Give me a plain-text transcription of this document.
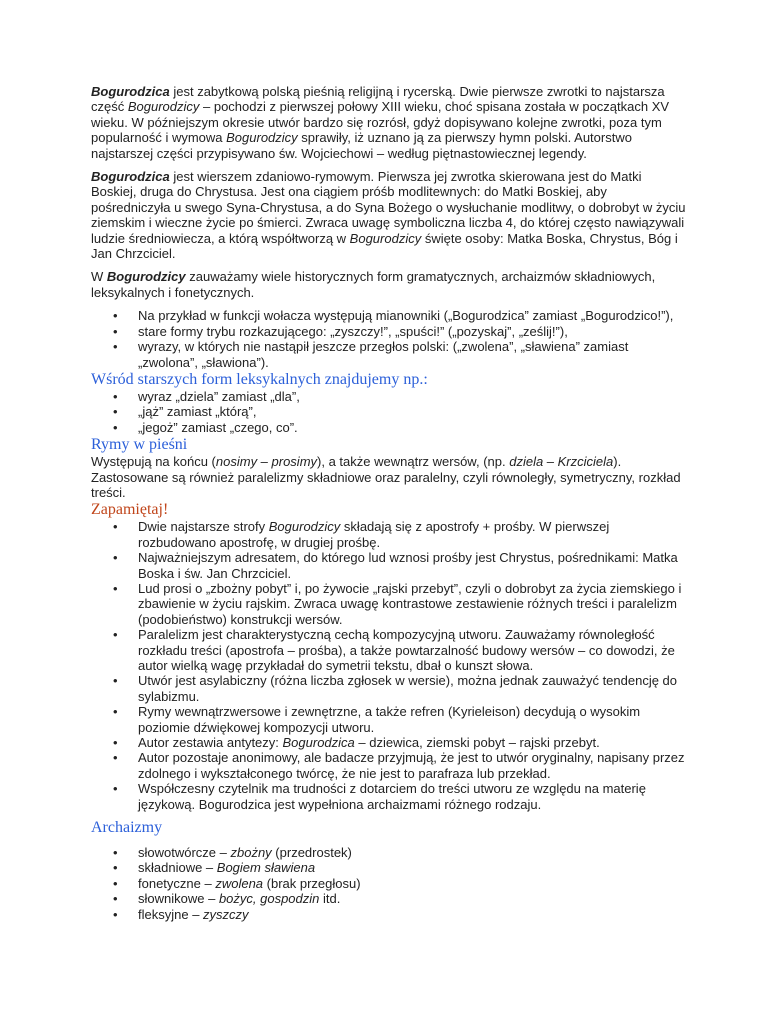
Bogurodzica jest zabytkową polską pieśnią religijną i rycerską. Dwie pierwsze zwrotki to najstarsza część Bogurodzicy – pochodzi z pierwszej połowy XIII wieku, choć spisana została w początkach XV wieku. W późniejszym okresie utwór bardzo się rozrósł, gdyż dopisywano kolejne zwrotki, poza tym popularność i wymowa Bogurodzicy sprawiły, iż uznano ją za pierwszy hymn polski. Autorstwo najstarszej części przypisywano św. Wojciechowi – według piętnastowiecznej legendy.

Bogurodzica jest wierszem zdaniowo-rymowym. Pierwsza jej zwrotka skierowana jest do Matki Boskiej, druga do Chrystusa. Jest ona ciągiem próśb modlitewnych: do Matki Boskiej, aby pośredniczyła u swego Syna-Chrystusa, a do Syna Bożego o wysłuchanie modlitwy, o dobrobyt w życiu ziemskim i wieczne życie po śmierci. Zwraca uwagę symboliczna liczba 4, do której często nawiązywali ludzie średniowiecza, a którą współtworzą w Bogurodzicy święte osoby: Matka Boska, Chrystus, Bóg i Jan Chrzciciel.

W Bogurodzicy zauważamy wiele historycznych form gramatycznych, archaizmów składniowych, leksykalnych i fonetycznych.

• Na przykład w funkcji wołacza występują mianowniki („Bogurodzica” zamiast „Bogurodzico!”),
• stare formy trybu rozkazującego: „zyszczy!”, „spuści!” („pozyskaj”, „ześlij!”),
• wyrazy, w których nie nastąpił jeszcze przegłos polski: („zwolena”, „sławiena” zamiast „zwolona”, „sławiona”).
Wśród starszych form leksykalnych znajdujemy np.:
• wyraz „dziela” zamiast „dla”,
• „jąż” zamiast „którą”,
• „jegoż” zamiast „czego, co”.
Rymy w pieśni

Występują na końcu (nosimy – prosimy), a także wewnątrz wersów, (np. dziela – Krzciciela). Zastosowane są również paralelizmy składniowe oraz paralelny, czyli równoległy, symetryczny, rozkład treści.

Zapamiętaj!
• Dwie najstarsze strofy Bogurodzicy składają się z apostrofy + prośby. W pierwszej rozbudowano apostrofę, w drugiej prośbę.
• Najważniejszym adresatem, do którego lud wznosi prośby jest Chrystus, pośrednikami: Matka Boska i św. Jan Chrzciciel.
• Lud prosi o „zbożny pobyt” i, po żywocie „rajski przebyt”, czyli o dobrobyt za życia ziemskiego i zbawienie w życiu rajskim. Zwraca uwagę kontrastowe zestawienie różnych treści i paralelizm (podobieństwo) konstrukcji wersów.
• Paralelizm jest charakterystyczną cechą kompozycyjną utworu. Zauważamy równoległość rozkładu treści (apostrofa – prośba), a także powtarzalność budowy wersów – co dowodzi, że autor wielką wagę przykładał do symetrii tekstu, dbał o kunszt słowa.
• Utwór jest asylabiczny (różna liczba zgłosek w wersie), można jednak zauważyć tendencję do sylabizmu.
• Rymy wewnątrzwersowe i zewnętrzne, a także refren (Kyrieleison) decydują o wysokim poziomie dźwiękowej kompozycji utworu.
• Autor zestawia antytezy: Bogurodzica – dziewica, ziemski pobyt – rajski przebyt.
• Autor pozostaje anonimowy, ale badacze przyjmują, że jest to utwór oryginalny, napisany przez zdolnego i wykształconego twórcę, że nie jest to parafraza lub przekład.
• Współczesny czytelnik ma trudności z dotarciem do treści utworu ze względu na materię językową. Bogurodzica jest wypełniona archaizmami różnego rodzaju.
Archaizmy
• słowotwórcze – zbożny (przedrostek)
• składniowe – Bogiem sławiena
• fonetyczne – zwolena (brak przegłosu)
• słownikowe – bożyc, gospodzin itd.
• fleksyjne – zyszczy
